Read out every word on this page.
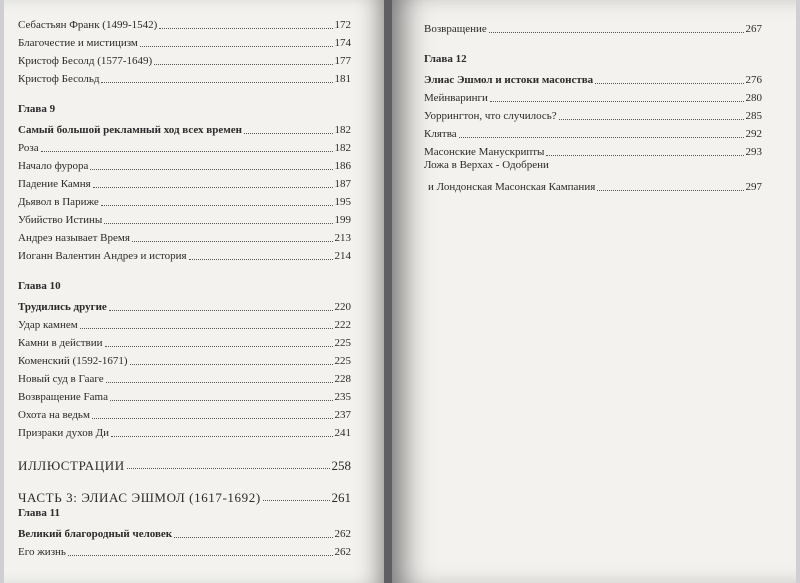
Себастьян Франк (1499-1542)	172
Благочестие и мистицизм	174
Кристоф Бесолд (1577-1649)	177
Кристоф Бесольд	181
Глава 9
Самый большой рекламный ход всех времен	182
Роза	182
Начало фурора	186
Падение Камня	187
Дьявол в Париже	195
Убийство Истины	199
Андреэ называет Время	213
Иоганн Валентин Андреэ и история	214
Глава 10
Трудились другие	220
Удар камнем	222
Камни в действии	225
Коменский (1592-1671)	225
Новый суд в Гааге	228
Возвращение Fama	235
Охота на ведьм	237
Призраки духов Ди	241
ИЛЛЮСТРАЦИИ	258
ЧАСТЬ 3: ЭЛИАС ЭШМОЛ (1617-1692)	261
Глава 11
Великий благородный человек	262
Его жизнь	262
Возвращение	267
Глава 12
Элиас Эшмол и истоки масонства	276
Мейнваринги	280
Уоррингтон, что случилось?	285
Клятва	292
Масонские Манускрипты	293
Ложа в Верхах - Одобрени
и Лондонская Масонская Кампания	297
